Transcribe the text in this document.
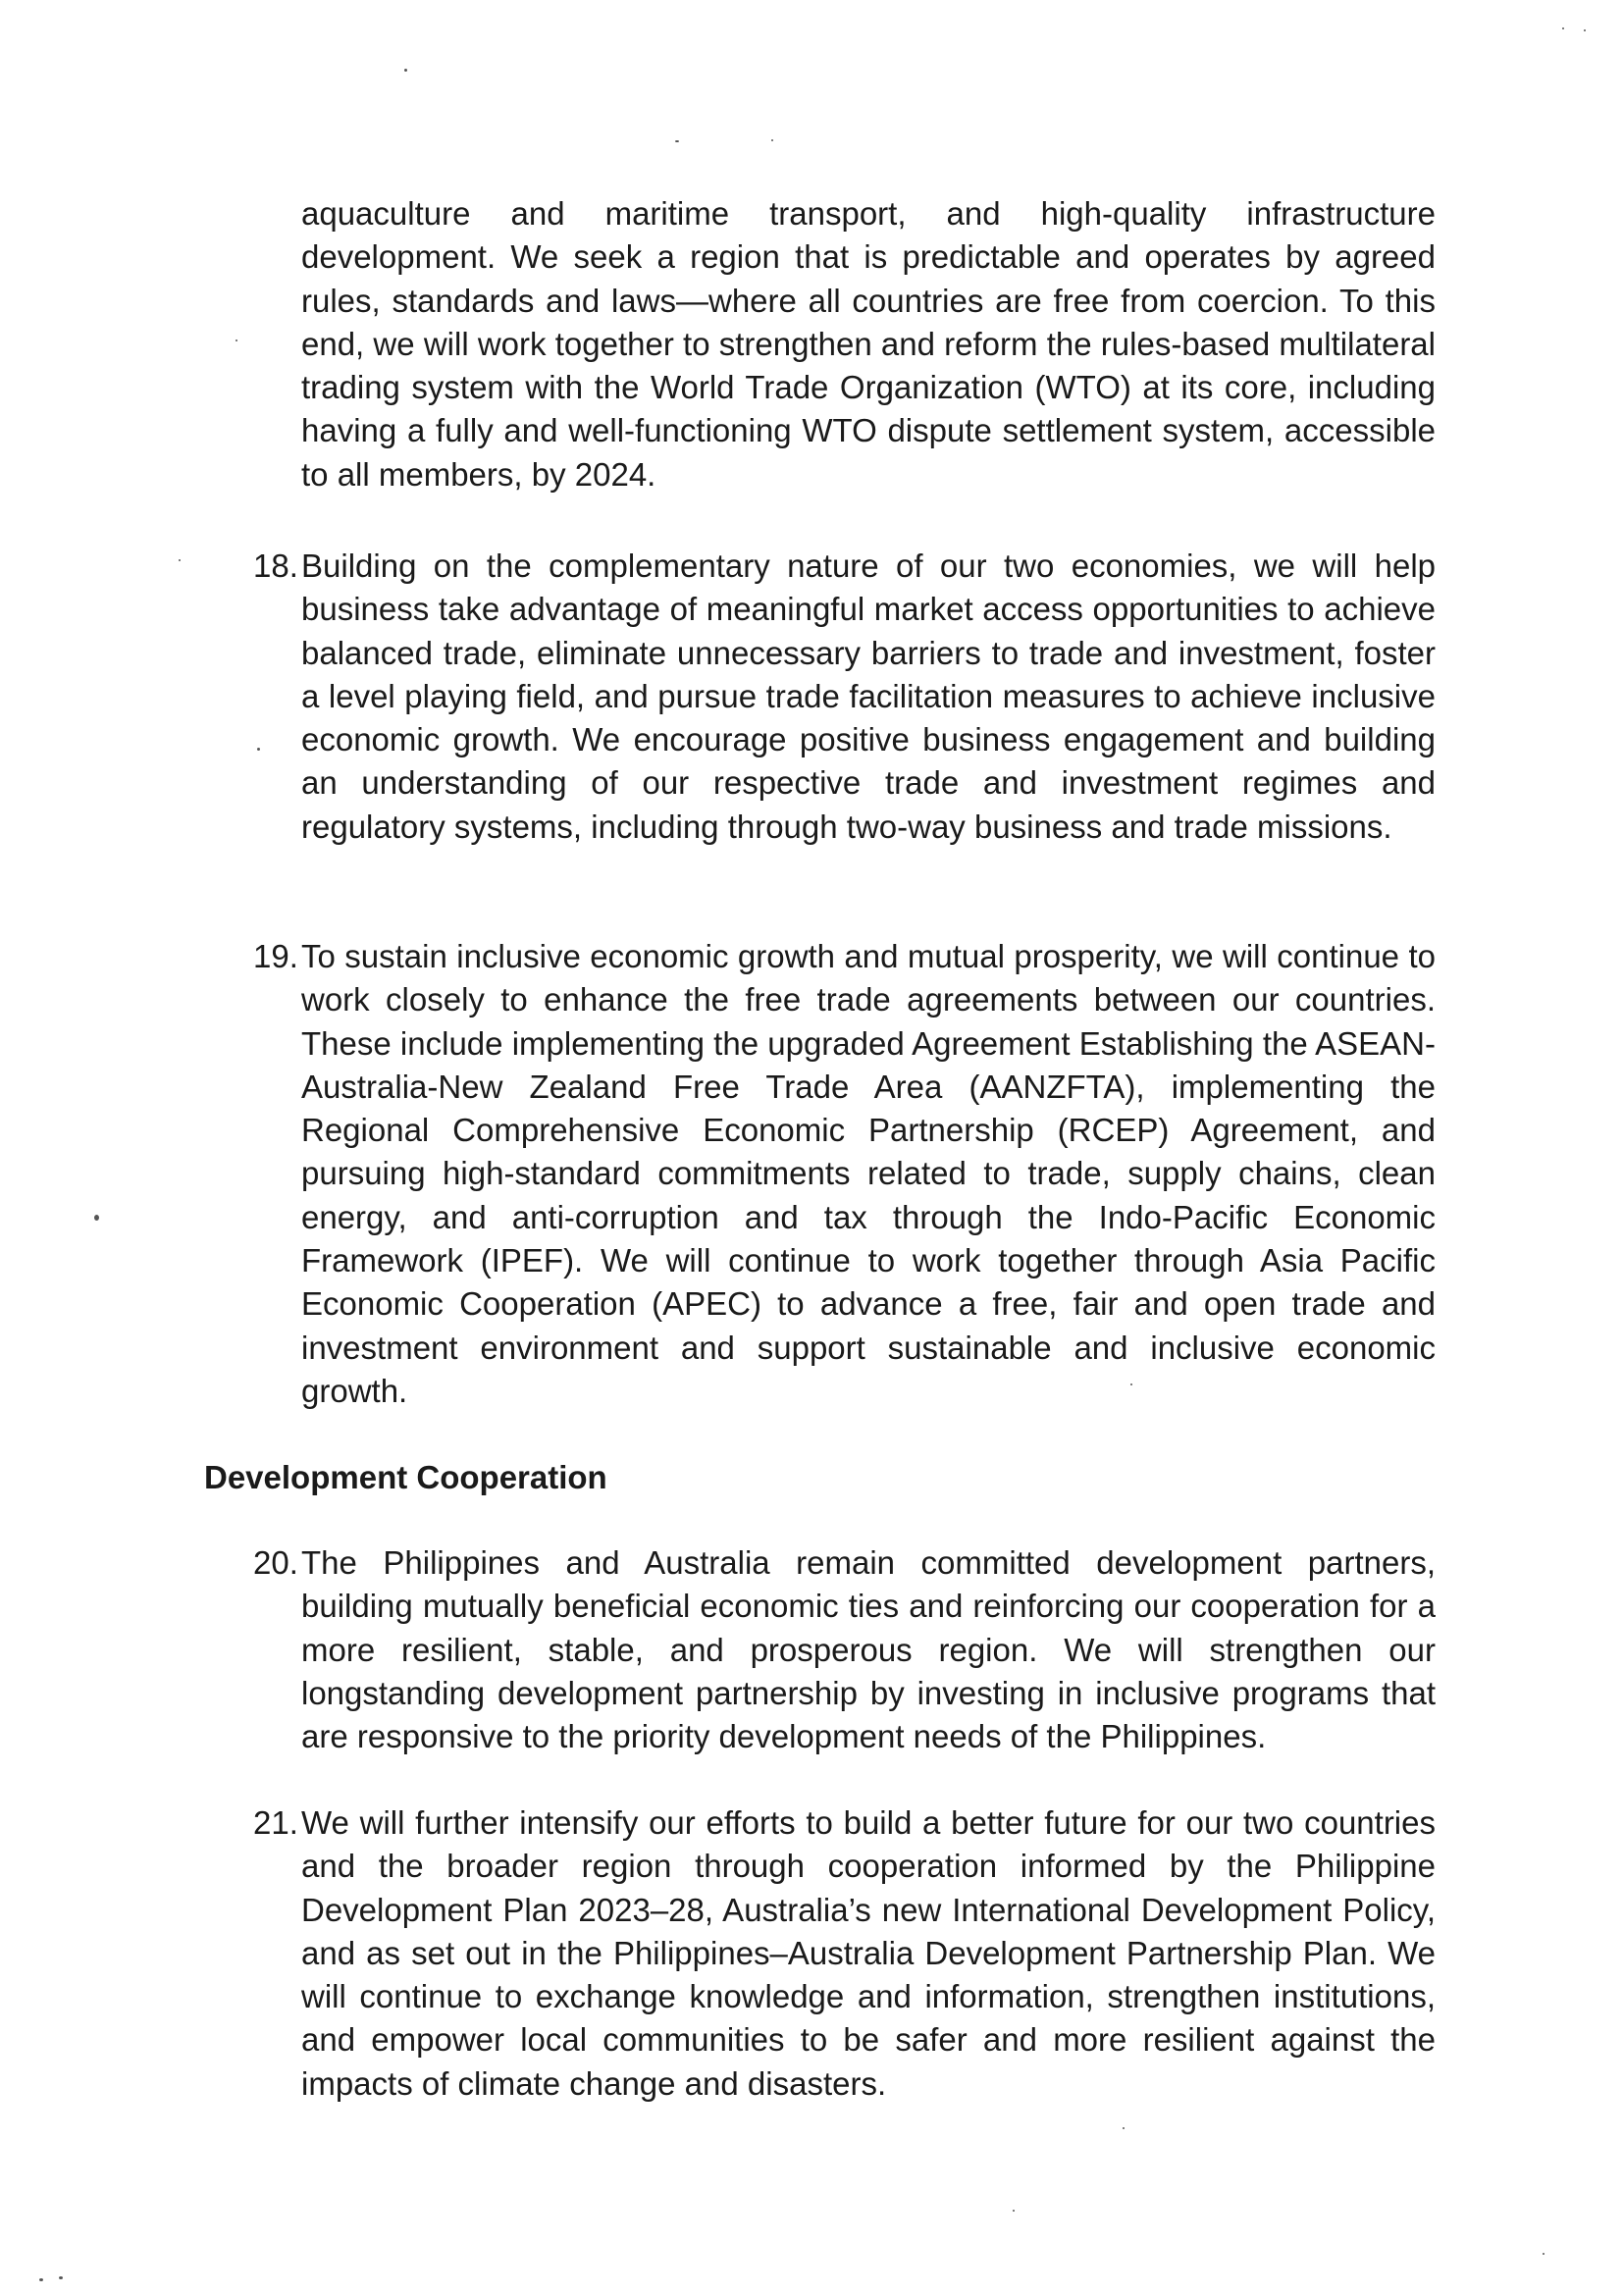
aquaculture and maritime transport, and high-quality infrastructure development. We seek a region that is predictable and operates by agreed rules, standards and laws—where all countries are free from coercion. To this end, we will work together to strengthen and reform the rules-based multilateral trading system with the World Trade Organization (WTO) at its core, including having a fully and well-functioning WTO dispute settlement system, accessible to all members, by 2024.

18. Building on the complementary nature of our two economies, we will help business take advantage of meaningful market access opportunities to achieve balanced trade, eliminate unnecessary barriers to trade and investment, foster a level playing field, and pursue trade facilitation measures to achieve inclusive economic growth. We encourage positive business engagement and building an understanding of our respective trade and investment regimes and regulatory systems, including through two-way business and trade missions.

19. To sustain inclusive economic growth and mutual prosperity, we will continue to work closely to enhance the free trade agreements between our countries. These include implementing the upgraded Agreement Establishing the ASEAN-Australia-New Zealand Free Trade Area (AANZFTA), implementing the Regional Comprehensive Economic Partnership (RCEP) Agreement, and pursuing high-standard commitments related to trade, supply chains, clean energy, and anti-corruption and tax through the Indo-Pacific Economic Framework (IPEF). We will continue to work together through Asia Pacific Economic Cooperation (APEC) to advance a free, fair and open trade and investment environment and support sustainable and inclusive economic growth.

Development Cooperation
20. The Philippines and Australia remain committed development partners, building mutually beneficial economic ties and reinforcing our cooperation for a more resilient, stable, and prosperous region. We will strengthen our longstanding development partnership by investing in inclusive programs that are responsive to the priority development needs of the Philippines.

21. We will further intensify our efforts to build a better future for our two countries and the broader region through cooperation informed by the Philippine Development Plan 2023–28, Australia’s new International Development Policy, and as set out in the Philippines–Australia Development Partnership Plan. We will continue to exchange knowledge and information, strengthen institutions, and empower local communities to be safer and more resilient against the impacts of climate change and disasters.
